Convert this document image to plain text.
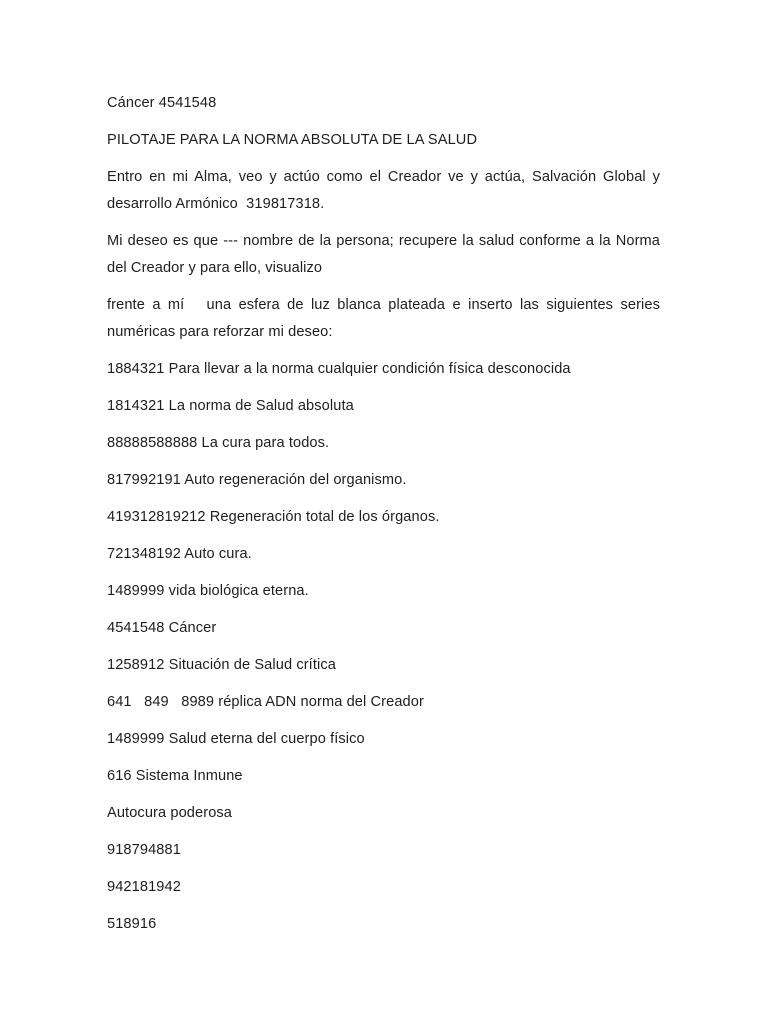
Cáncer 4541548

PILOTAJE PARA LA NORMA ABSOLUTA DE LA SALUD

Entro en mi Alma, veo y actúo como el Creador ve y actúa, Salvación Global y desarrollo Armónico  319817318.

Mi deseo es que --- nombre de la persona; recupere la salud conforme a la Norma del Creador y para ello, visualizo

frente a mí   una esfera de luz blanca plateada e inserto las siguientes series numéricas para reforzar mi deseo:

1884321 Para llevar a la norma cualquier condición física desconocida

1814321 La norma de Salud absoluta

88888588888 La cura para todos.

817992191 Auto regeneración del organismo.

419312819212 Regeneración total de los órganos.

721348192 Auto cura.

1489999 vida biológica eterna.

4541548 Cáncer

1258912 Situación de Salud crítica

641   849   8989 réplica ADN norma del Creador

1489999 Salud eterna del cuerpo físico

616 Sistema Inmune

Autocura poderosa

918794881

942181942

518916
